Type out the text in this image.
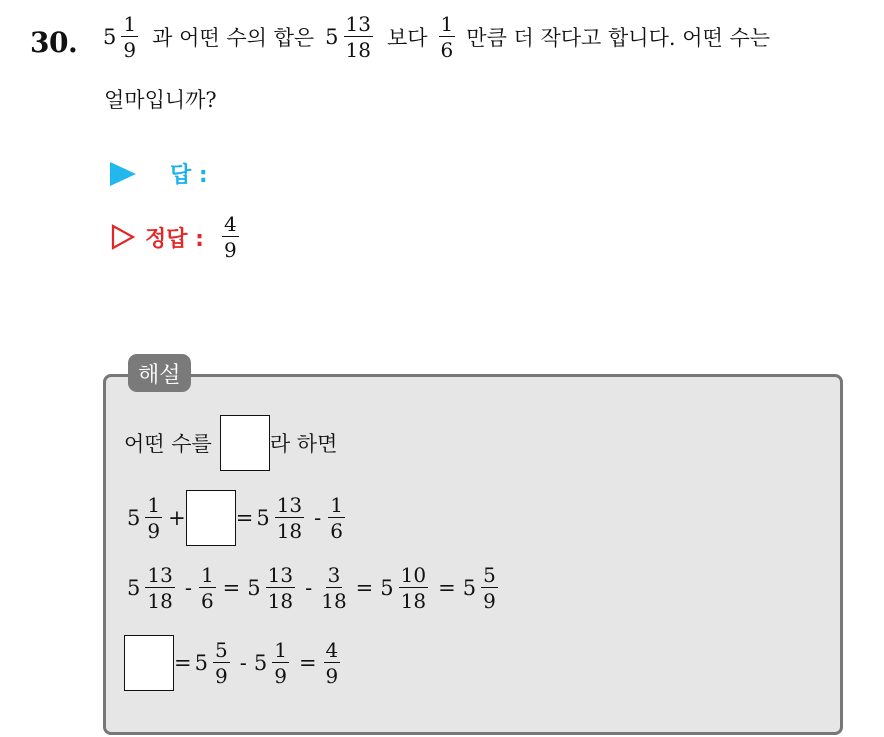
30. $5 \frac{1}{9}$ 과 어떤 수의 합은 $5 \frac{13}{18}$ 보다 $\frac{1}{6}$ 만큼 더 작다고 합니다. 어떤 수는
얼마입니까?
답 :
정답 : $\frac{4}{9}$
해설
어떤 수를	라 하면
$5 \frac{1}{9}$ + = $5 \frac{13}{18} - \frac{1}{6}$
$5 \frac{13}{18} - \frac{1}{6} = 5 \frac{13}{18} - \frac{3}{18} = 5 \frac{10}{18} = 5 \frac{5}{9}$
= $5 \frac{5}{9} - 5 \frac{1}{9} = \frac{4}{9}$
